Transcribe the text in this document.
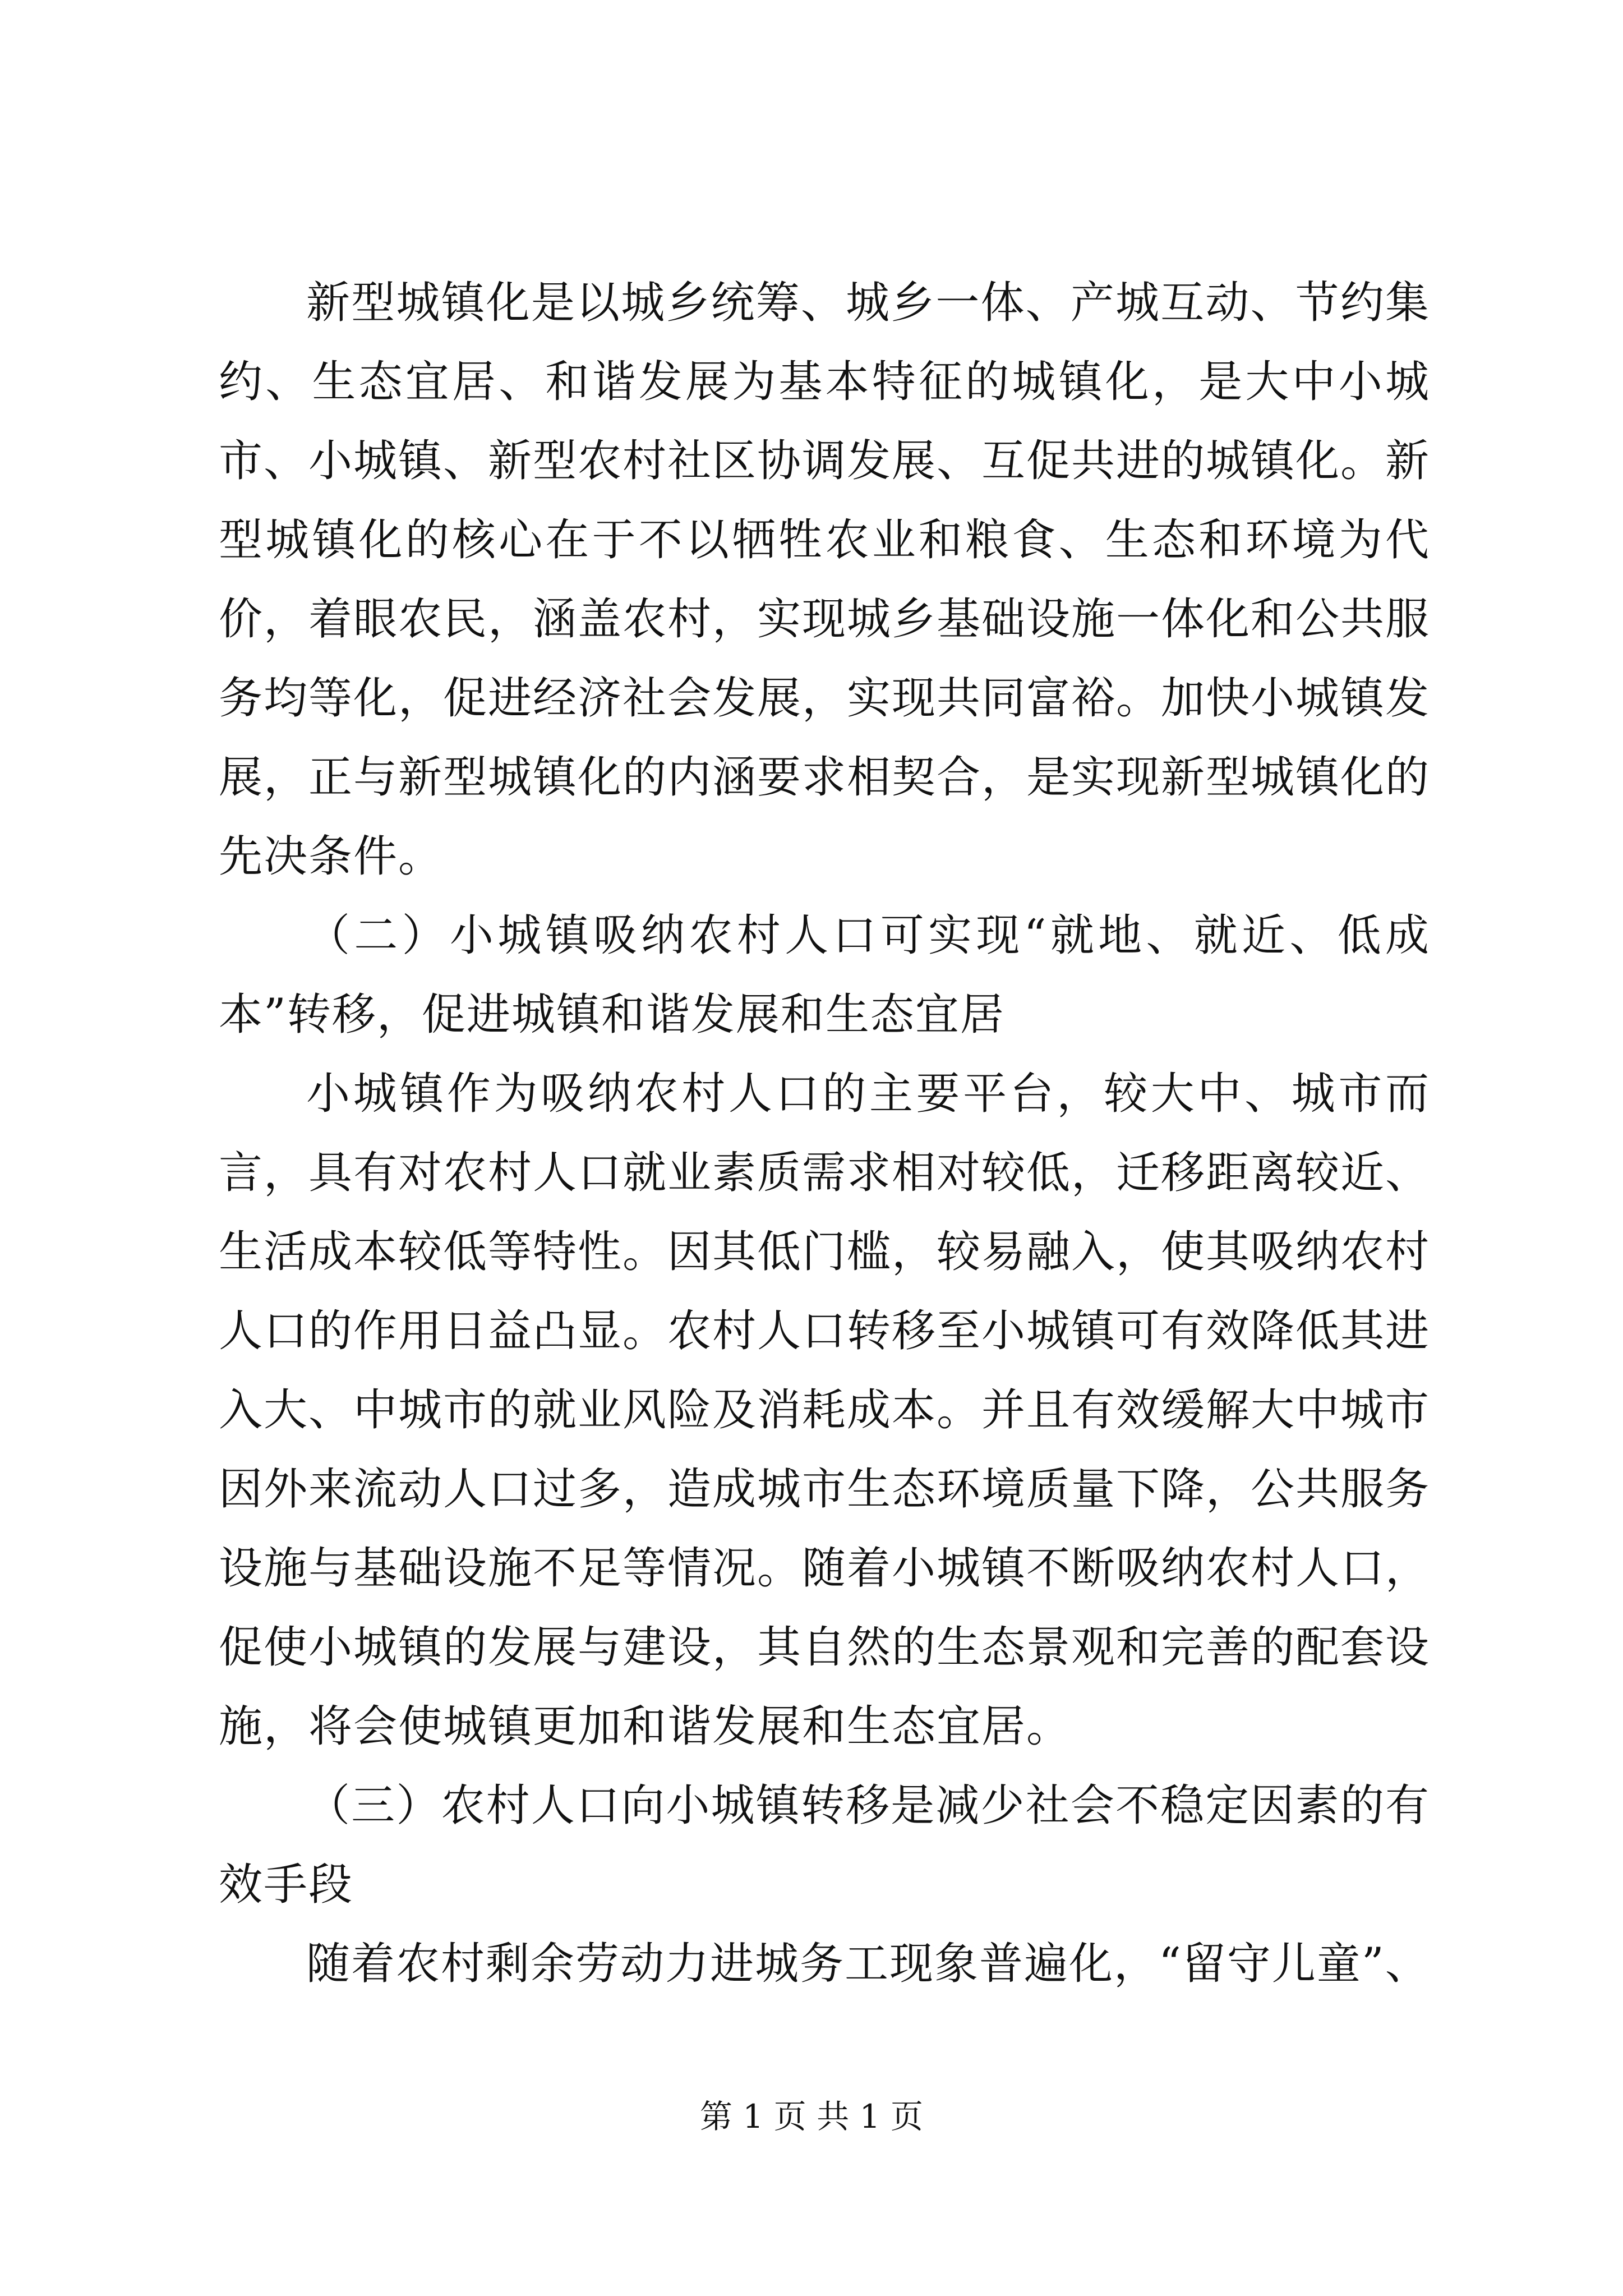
新型城镇化是以城乡统筹、城乡一体、产城互动、节约集约、生态宜居、和谐发展为基本特征的城镇化，是大中小城市、小城镇、新型农村社区协调发展、互促共进的城镇化。新型城镇化的核心在于不以牺牲农业和粮食、生态和环境为代价，着眼农民，涵盖农村，实现城乡基础设施一体化和公共服务均等化，促进经济社会发展，实现共同富裕。加快小城镇发展，正与新型城镇化的内涵要求相契合，是实现新型城镇化的先决条件。

（二）小城镇吸纳农村人口可实现“就地、就近、低成本”转移，促进城镇和谐发展和生态宜居

小城镇作为吸纳农村人口的主要平台，较大中、城市而言，具有对农村人口就业素质需求相对较低，迁移距离较近、生活成本较低等特性。因其低门槛，较易融入，使其吸纳农村人口的作用日益凸显。农村人口转移至小城镇可有效降低其进入大、中城市的就业风险及消耗成本。并且有效缓解大中城市因外来流动人口过多，造成城市生态环境质量下降，公共服务设施与基础设施不足等情况。随着小城镇不断吸纳农村人口，促使小城镇的发展与建设，其自然的生态景观和完善的配套设施，将会使城镇更加和谐发展和生态宜居。

（三）农村人口向小城镇转移是减少社会不稳定因素的有效手段

随着农村剩余劳动力进城务工现象普遍化，“留守儿童”、

第 1 页 共 1 页
